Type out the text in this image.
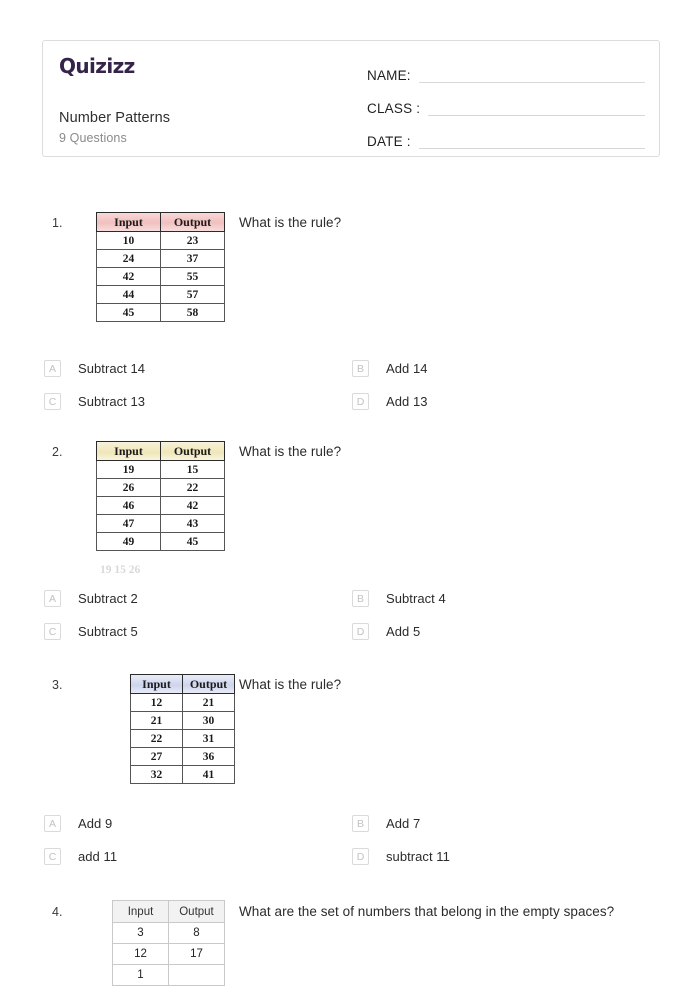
Quizizz
Number Patterns
9 Questions
NAME:
CLASS :
DATE :
1.	Input	Output
10	23
24	37
42	55
44	57
45	58
What is the rule?
A	Subtract 14	B	Add 14
C	Subtract 13	D	Add 13
2.	Input	Output
19	15
26	22
46	42
47	43
49	45
19 15 26
What is the rule?
A	Subtract 2	B	Subtract 4
C	Subtract 5	D	Add 5
3.	Input	Output
12	21
21	30
22	31
27	36
32	41
What is the rule?
A	Add 9	B	Add 7
C	add 11	D	subtract 11
4.	Input	Output
3	8
12	17
1	
What are the set of numbers that belong in the empty spaces?
